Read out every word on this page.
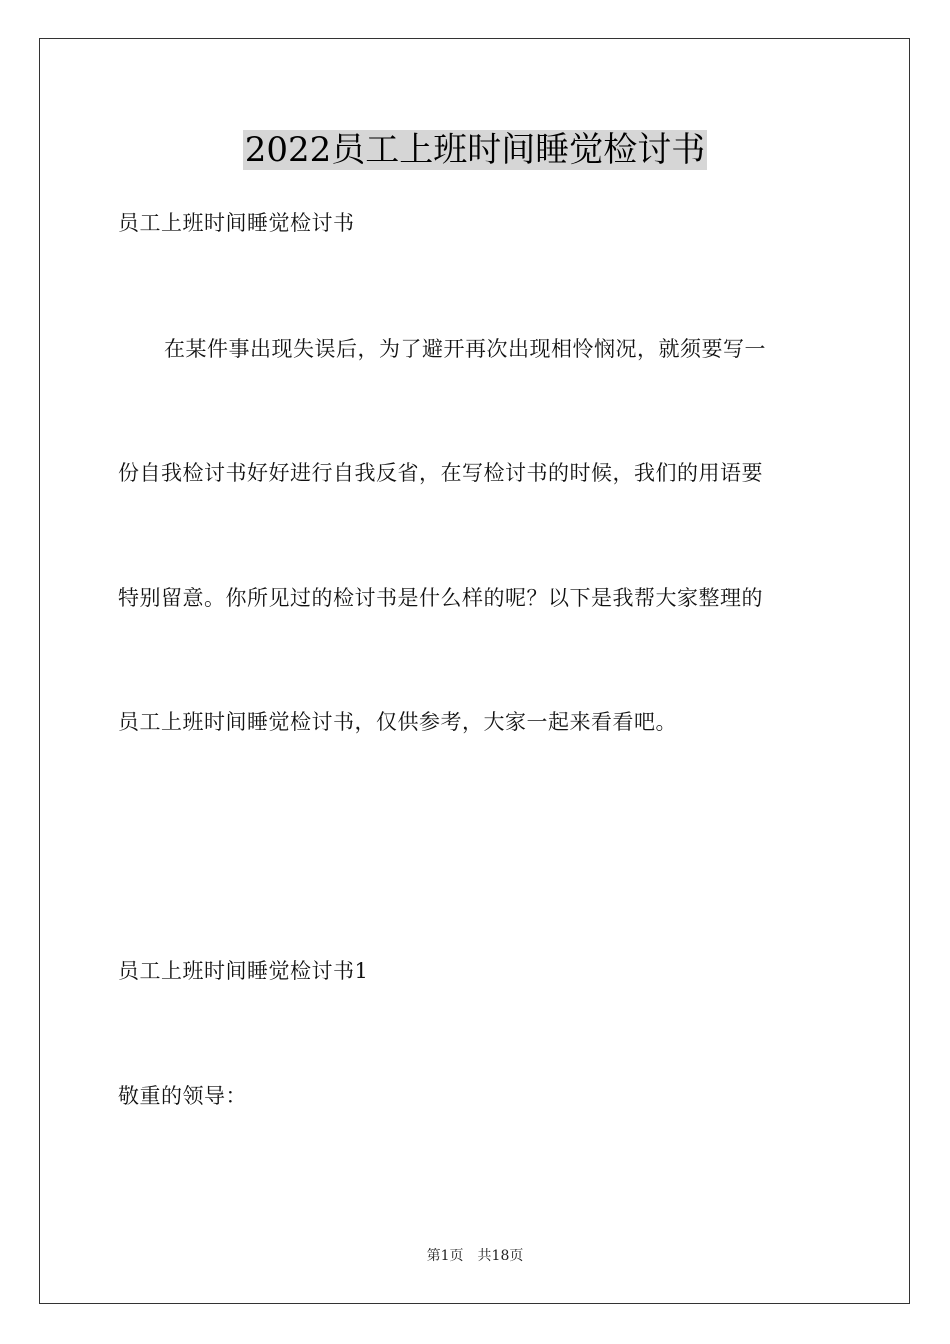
2022员工上班时间睡觉检讨书
员工上班时间睡觉检讨书
在某件事出现失误后，为了避开再次出现相怜悯况，就须要写一
份自我检讨书好好进行自我反省，在写检讨书的时候，我们的用语要
特别留意。你所见过的检讨书是什么样的呢？以下是我帮大家整理的
员工上班时间睡觉检讨书，仅供参考，大家一起来看看吧。
员工上班时间睡觉检讨书1
敬重的领导：
第1页　共18页
